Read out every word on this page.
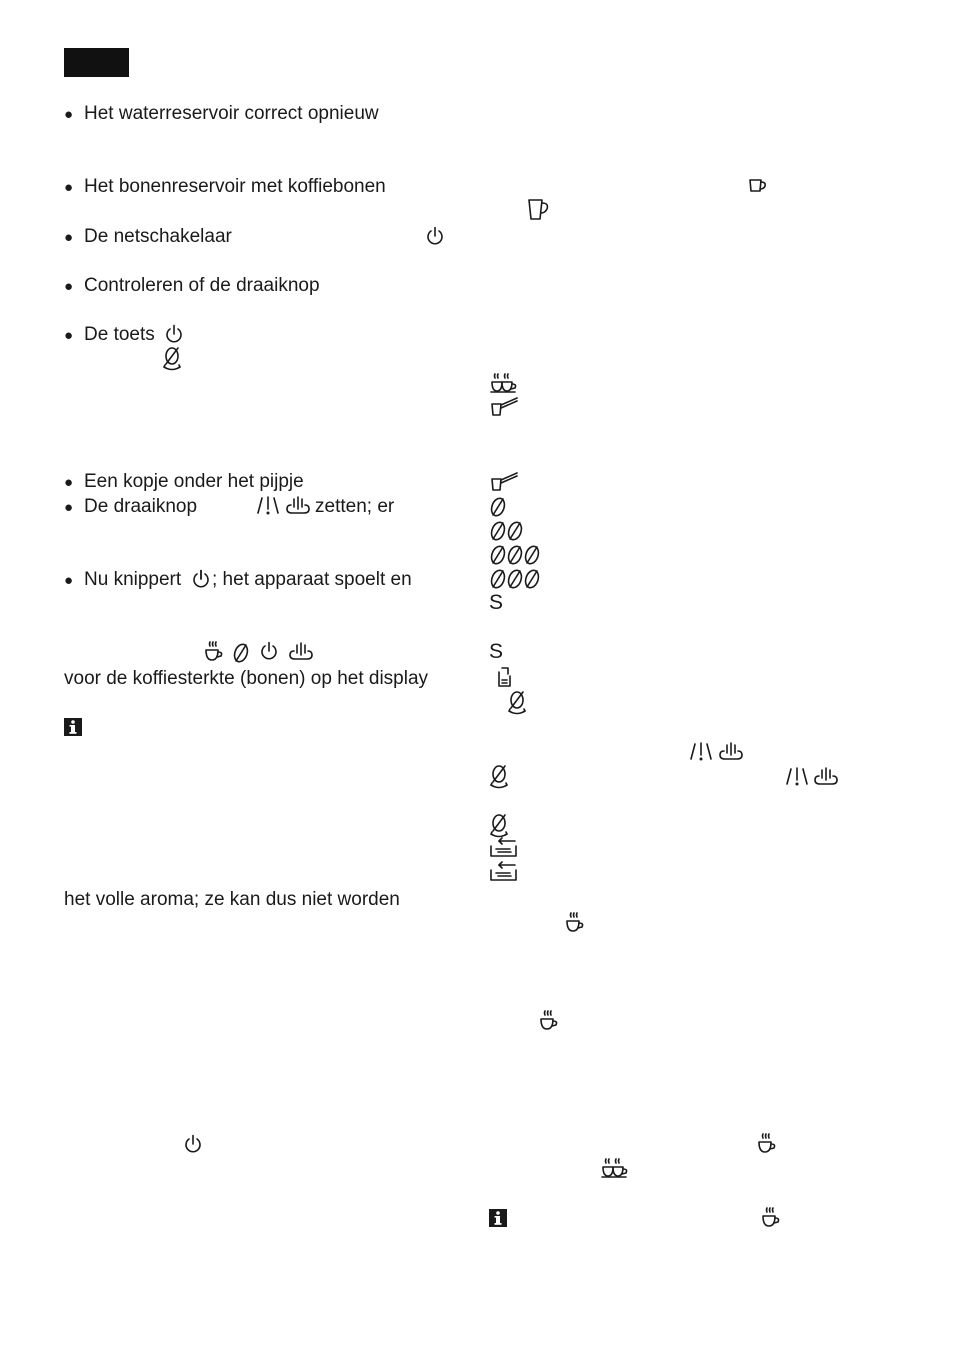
● Het waterreservoir correct opnieuw
● Het bonenreservoir met koffiebonen
● De netschakelaar
● Controleren of de draaiknop
● De toets
● Een kopje onder het pijpje
● De draaiknop	zetten; er
● Nu knippert ; het apparaat spoelt en
voor de koffiesterkte (bonen) op het display
het volle aroma; ze kan dus niet worden
S
S
